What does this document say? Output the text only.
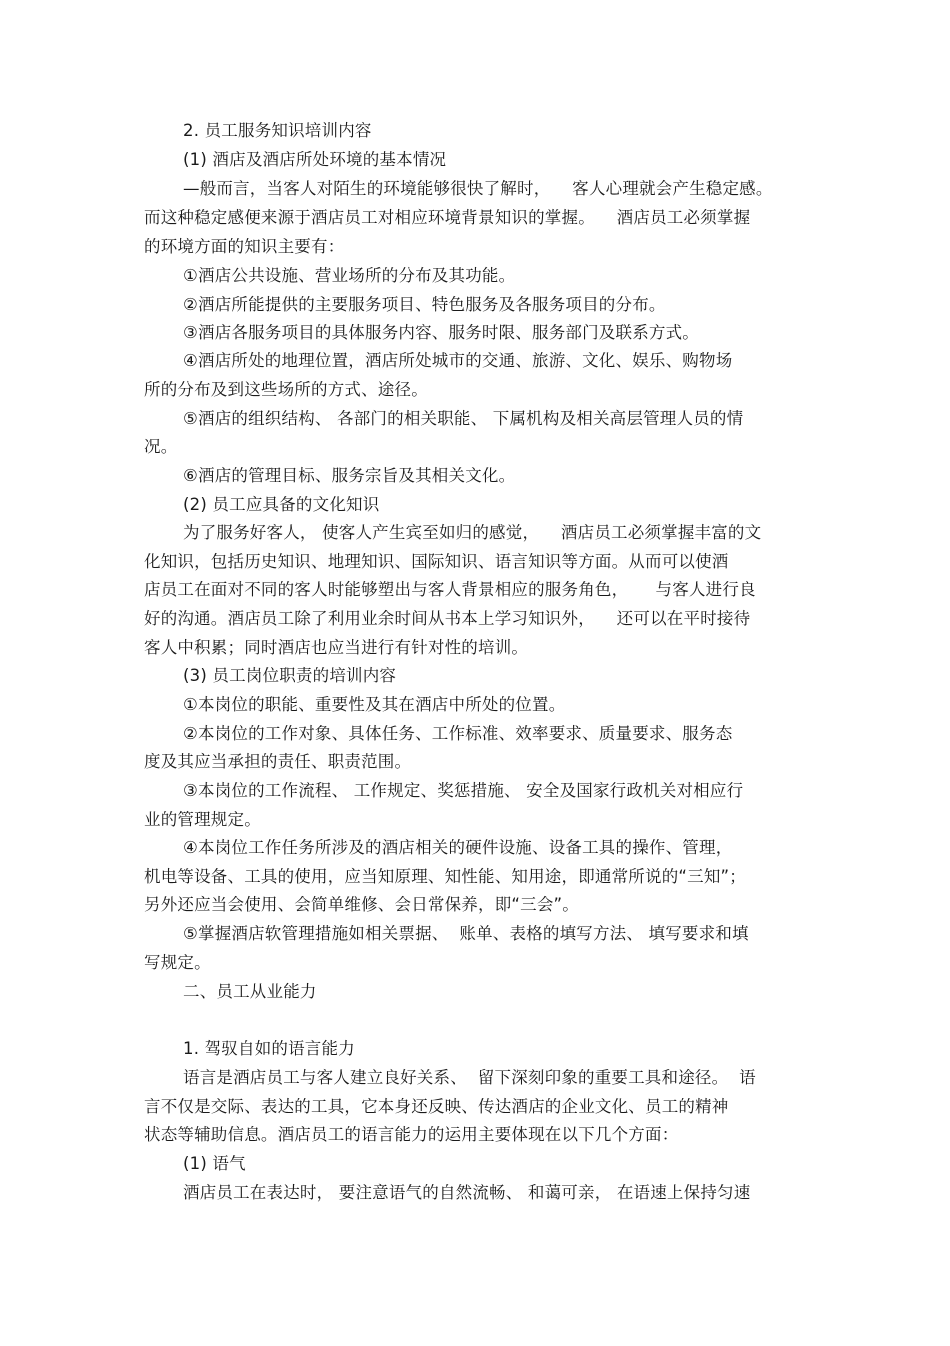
2. 员工服务知识培训内容
(1) 酒店及酒店所处环境的基本情况
—般而言，当客人对陌生的环境能够很快了解时，    客人心理就会产生稳定感。
而这种稳定感便来源于酒店员工对相应环境背景知识的掌握。    酒店员工必须掌握
的环境方面的知识主要有：
①酒店公共设施、营业场所的分布及其功能。
②酒店所能提供的主要服务项目、特色服务及各服务项目的分布。
③酒店各服务项目的具体服务内容、服务时限、服务部门及联系方式。
④酒店所处的地理位置，酒店所处城市的交通、旅游、文化、娱乐、购物场
所的分布及到这些场所的方式、途径。
⑤酒店的组织结构、 各部门的相关职能、 下属机构及相关高层管理人员的情
况。
⑥酒店的管理目标、服务宗旨及其相关文化。
(2) 员工应具备的文化知识
为了服务好客人， 使客人产生宾至如归的感觉，    酒店员工必须掌握丰富的文
化知识，包括历史知识、地理知识、国际知识、语言知识等方面。从而可以使酒
店员工在面对不同的客人时能够塑出与客人背景相应的服务角色，     与客人进行良
好的沟通。酒店员工除了利用业余时间从书本上学习知识外，    还可以在平时接待
客人中积累；同时酒店也应当进行有针对性的培训。
(3) 员工岗位职责的培训内容
①本岗位的职能、重要性及其在酒店中所处的位置。
②本岗位的工作对象、具体任务、工作标准、效率要求、质量要求、服务态
度及其应当承担的责任、职责范围。
③本岗位的工作流程、 工作规定、奖惩措施、 安全及国家行政机关对相应行
业的管理规定。
④本岗位工作任务所涉及的酒店相关的硬件设施、设备工具的操作、管理，
机电等设备、工具的使用，应当知原理、知性能、知用途，即通常所说的“三知”；
另外还应当会使用、会简单维修、会日常保养，即“三会”。
⑤掌握酒店软管理措施如相关票据、  账单、表格的填写方法、 填写要求和填
写规定。
二、员工从业能力
1. 驾驭自如的语言能力
语言是酒店员工与客人建立良好关系、  留下深刻印象的重要工具和途径。  语
言不仅是交际、表达的工具，它本身还反映、传达酒店的企业文化、员工的精神
状态等辅助信息。酒店员工的语言能力的运用主要体现在以下几个方面：
(1) 语气
酒店员工在表达时， 要注意语气的自然流畅、 和蔼可亲， 在语速上保持匀速
